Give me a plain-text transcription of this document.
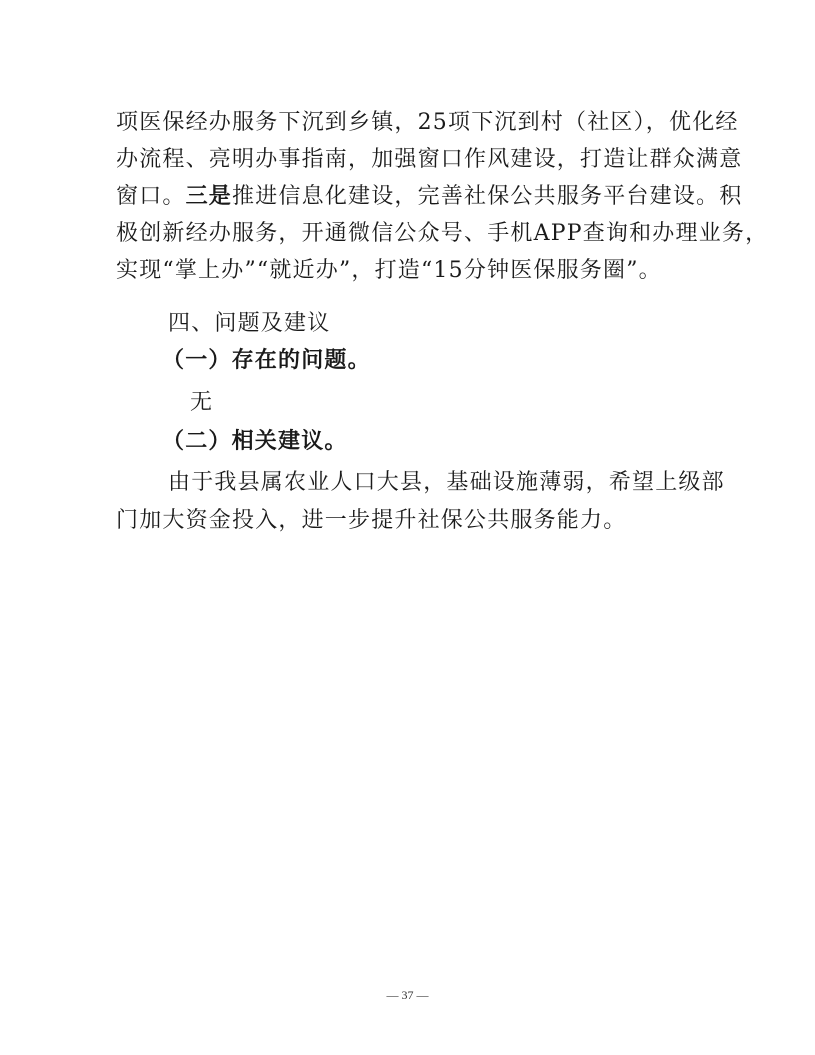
项医保经办服务下沉到乡镇，25项下沉到村（社区），优化经
办流程、亮明办事指南，加强窗口作风建设，打造让群众满意
窗口。三是推进信息化建设，完善社保公共服务平台建设。积
极创新经办服务，开通微信公众号、手机APP查询和办理业务，
实现“掌上办”“就近办”，打造“15分钟医保服务圈”。
四、问题及建议
（一）存在的问题。
无
（二）相关建议。
由于我县属农业人口大县，基础设施薄弱，希望上级部
门加大资金投入，进一步提升社保公共服务能力。
— 37 —
